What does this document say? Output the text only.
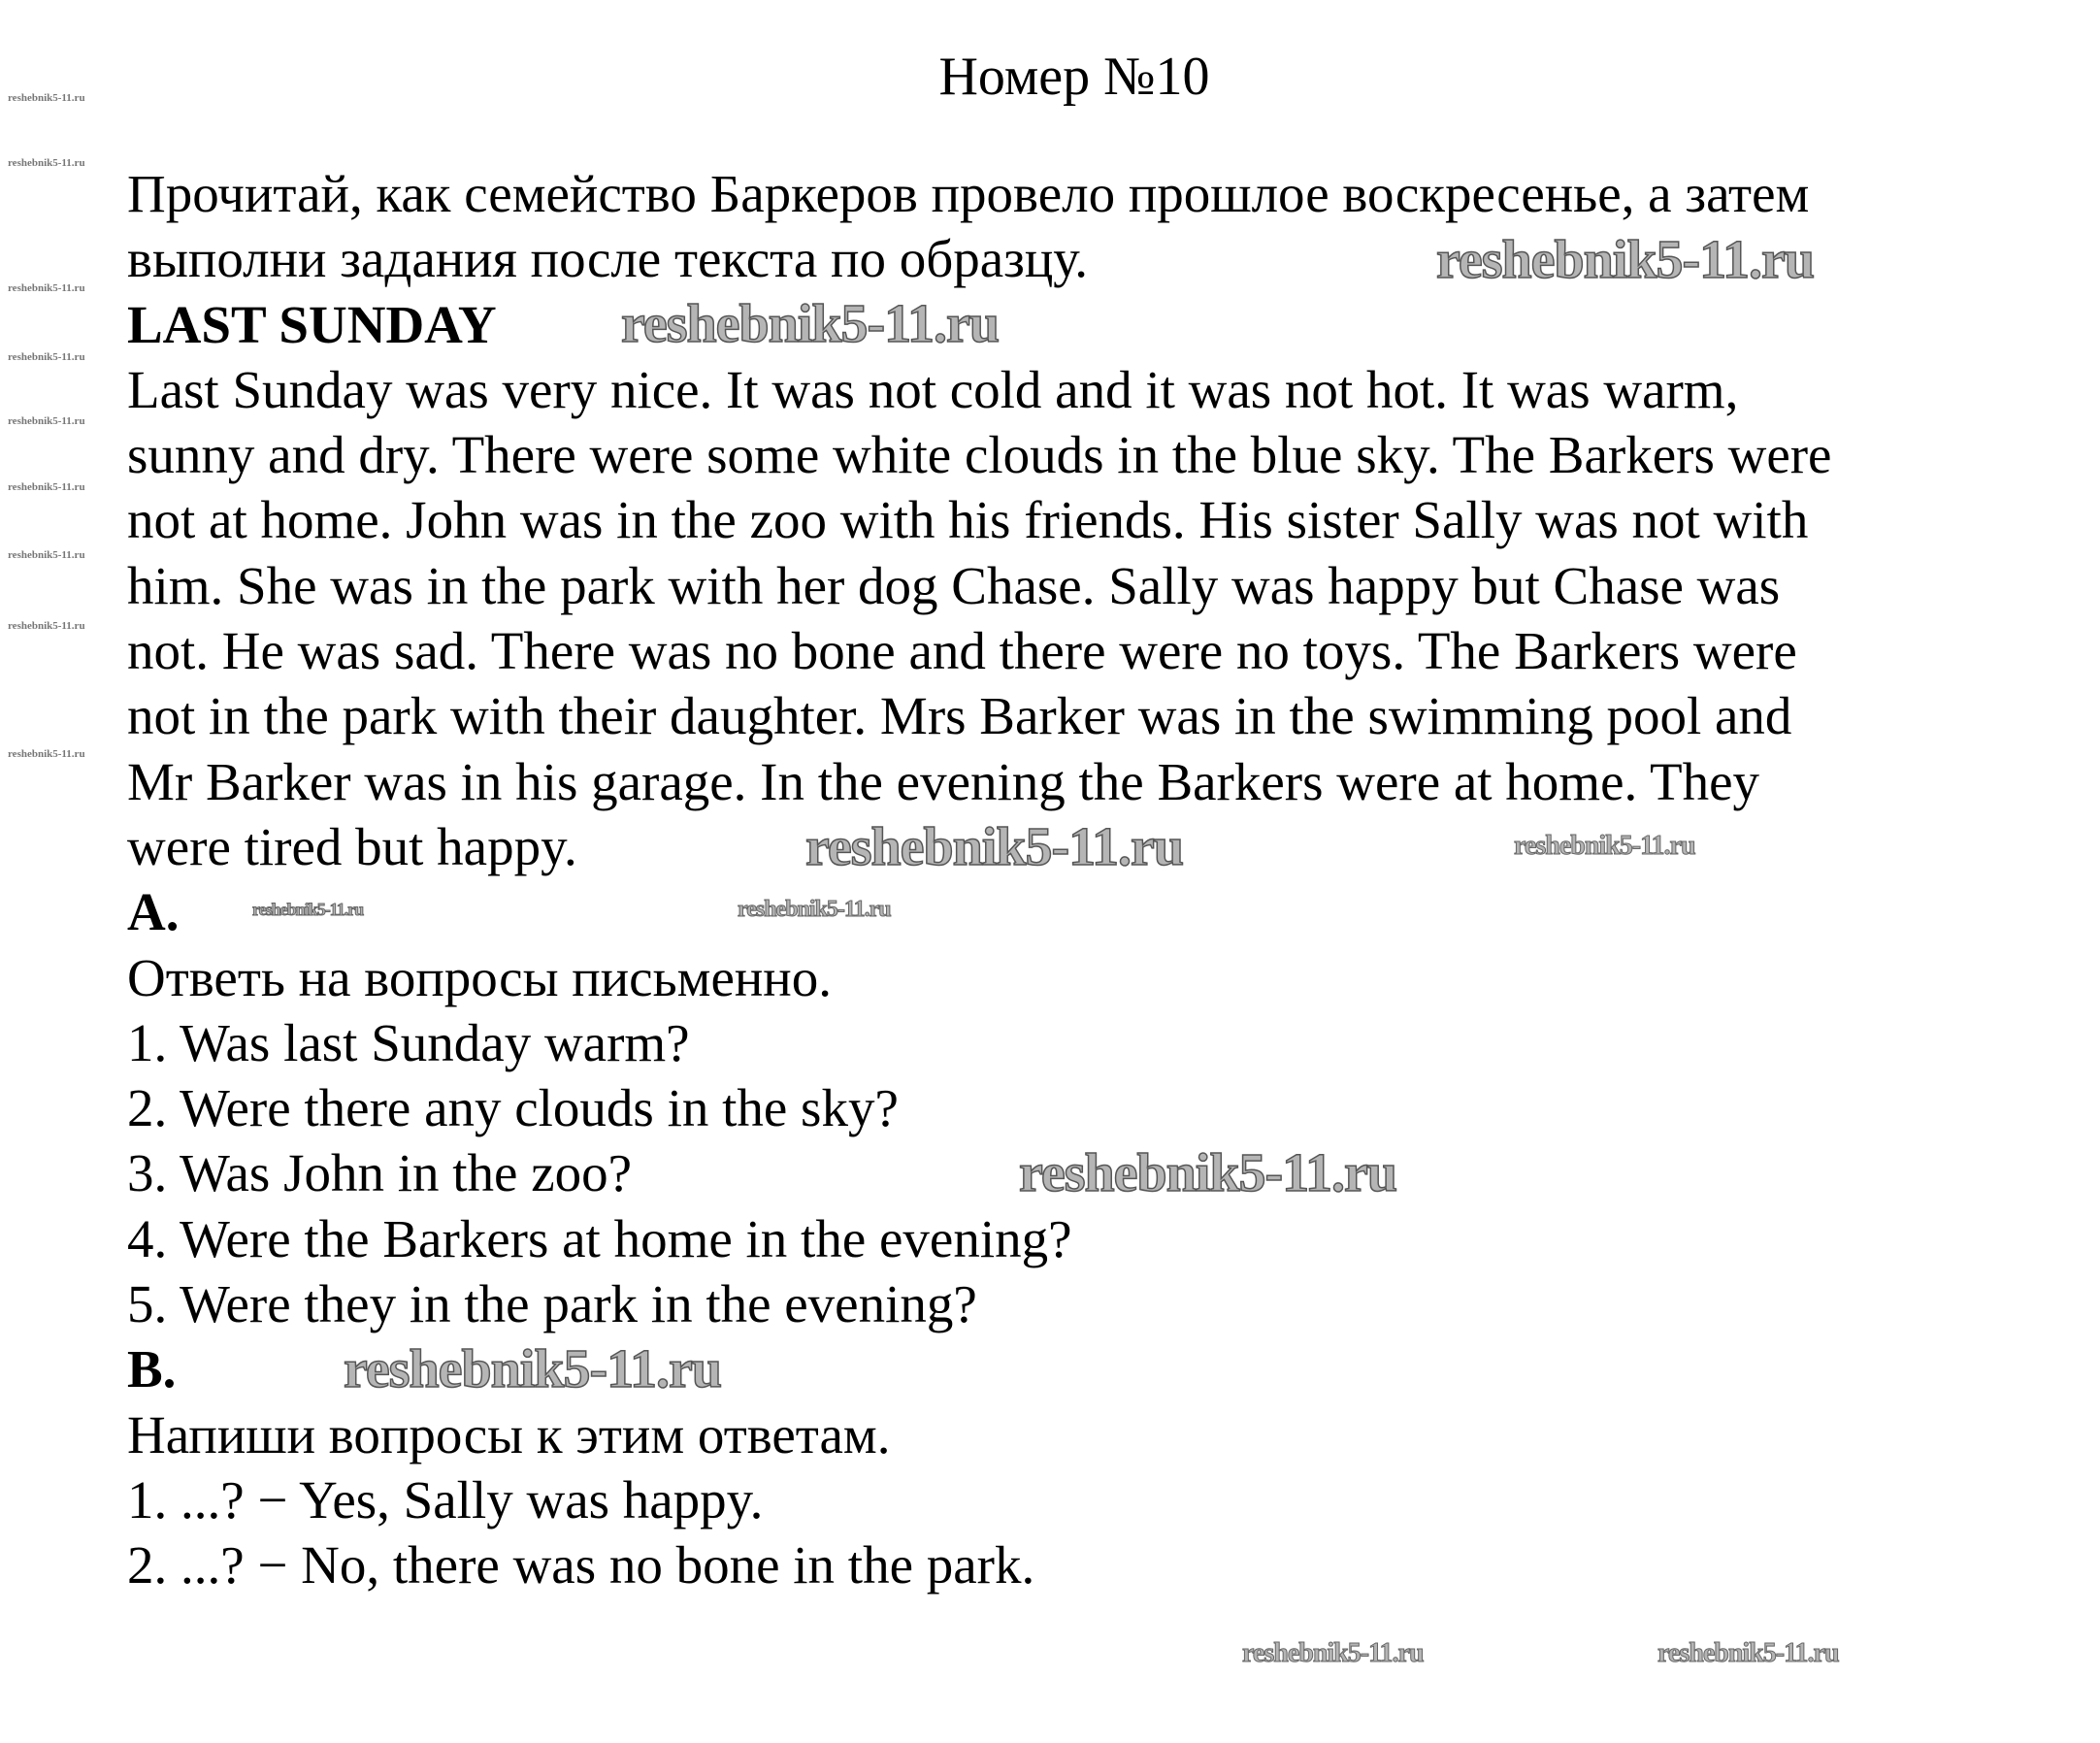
Номер №10
Прочитай, как семейство Баркеров провело прошлое воскресенье, а затем
выполни задания после текста по образцу.
LAST SUNDAY
Last Sunday was very nice. It was not cold and it was not hot. It was warm,
sunny and dry. There were some white clouds in the blue sky. The Barkers were
not at home. John was in the zoo with his friends. His sister Sally was not with
him. She was in the park with her dog Chase. Sally was happy but Chase was
not. He was sad. There was no bone and there were no toys. The Barkers were
not in the park with their daughter. Mrs Barker was in the swimming pool and
Mr Barker was in his garage. In the evening the Barkers were at home. They
were tired but happy.
A.
Ответь на вопросы письменно.
1. Was last Sunday warm?
2. Were there any clouds in the sky?
3. Was John in the zoo?
4. Were the Barkers at home in the evening?
5. Were they in the park in the evening?
B.
Напиши вопросы к этим ответам.
1. ...? − Yes, Sally was happy.
2. ...? − No, there was no bone in the park.
reshebnik5-11.ru
reshebnik5-11.ru
reshebnik5-11.ru	reshebnik5-11.ru
reshebnik5-11.ru
reshebnik5-11.ru
reshebnik5-11.ru	reshebnik5-11.ru
reshebnik5-11.ru
reshebnik5-11.ru
reshebnik5-11.ru
reshebnik5-11.ru
reshebnik5-11.ru
reshebnik5-11.ru
reshebnik5-11.ru
reshebnik5-11.ru
reshebnik5-11.ru
reshebnik5-11.ru
reshebnik5-11.ru
